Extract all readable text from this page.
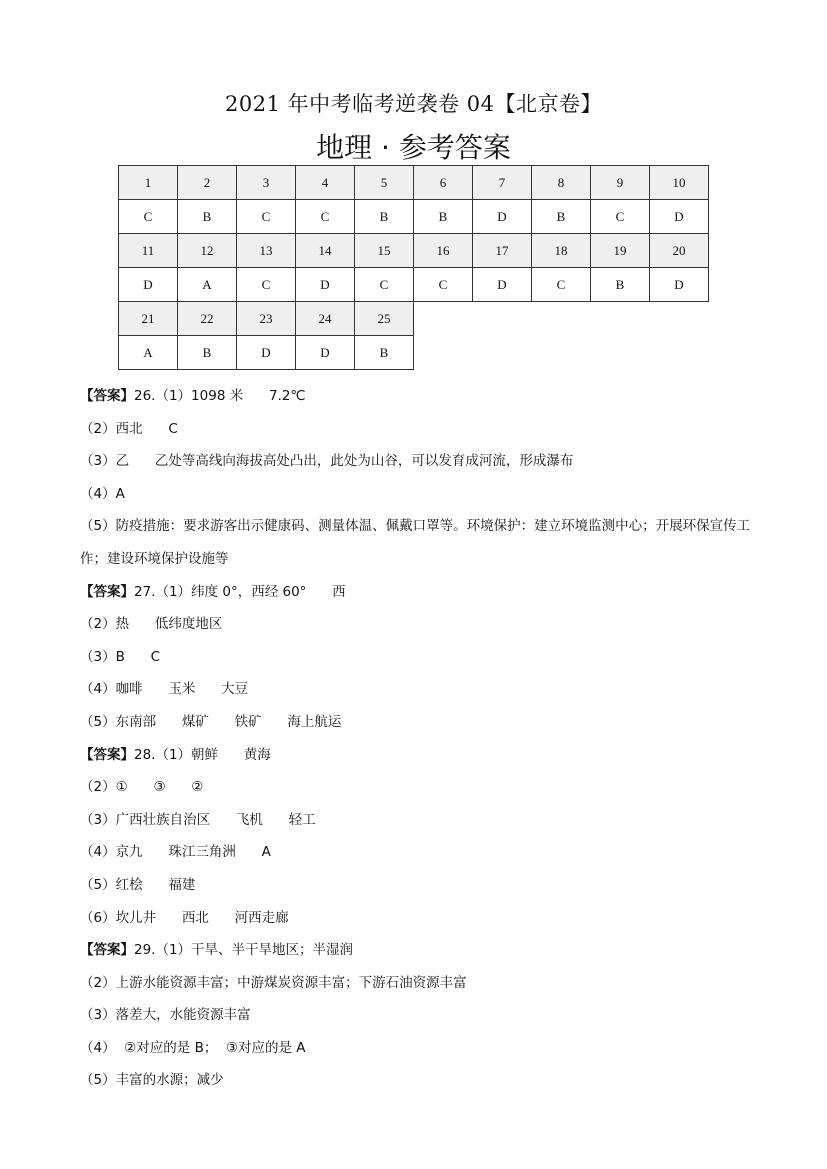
2021 年中考临考逆袭卷 04【北京卷】
地理 · 参考答案
1	2	3	4	5	6	7	8	9	10
C	B	C	C	B	B	D	B	C	D
11	12	13	14	15	16	17	18	19	20
D	A	C	D	C	C	D	C	B	D
21	22	23	24	25					
A	B	D	D	B					
【答案】26.（1）1098 米      7.2℃
（2）西北      C
（3）乙      乙处等高线向海拔高处凸出，此处为山谷，可以发育成河流，形成瀑布
（4）A
（5）防疫措施：要求游客出示健康码、测量体温、佩戴口罩等。环境保护：建立环境监测中心；开展环保宣传工作；建设环境保护设施等
【答案】27.（1）纬度 0°，西经 60°      西
（2）热      低纬度地区
（3）B      C
（4）咖啡      玉米      大豆
（5）东南部      煤矿      铁矿      海上航运
【答案】28.（1）朝鲜      黄海
（2）①      ③      ②
（3）广西壮族自治区      飞机      轻工
（4）京九      珠江三角洲      A
（5）红桧      福建
（6）坎儿井      西北      河西走廊
【答案】29.（1）干旱、半干旱地区；半湿润
（2）上游水能资源丰富；中游煤炭资源丰富；下游石油资源丰富
（3）落差大，水能资源丰富
（4）  ②对应的是 B；  ③对应的是 A
（5）丰富的水源；减少
